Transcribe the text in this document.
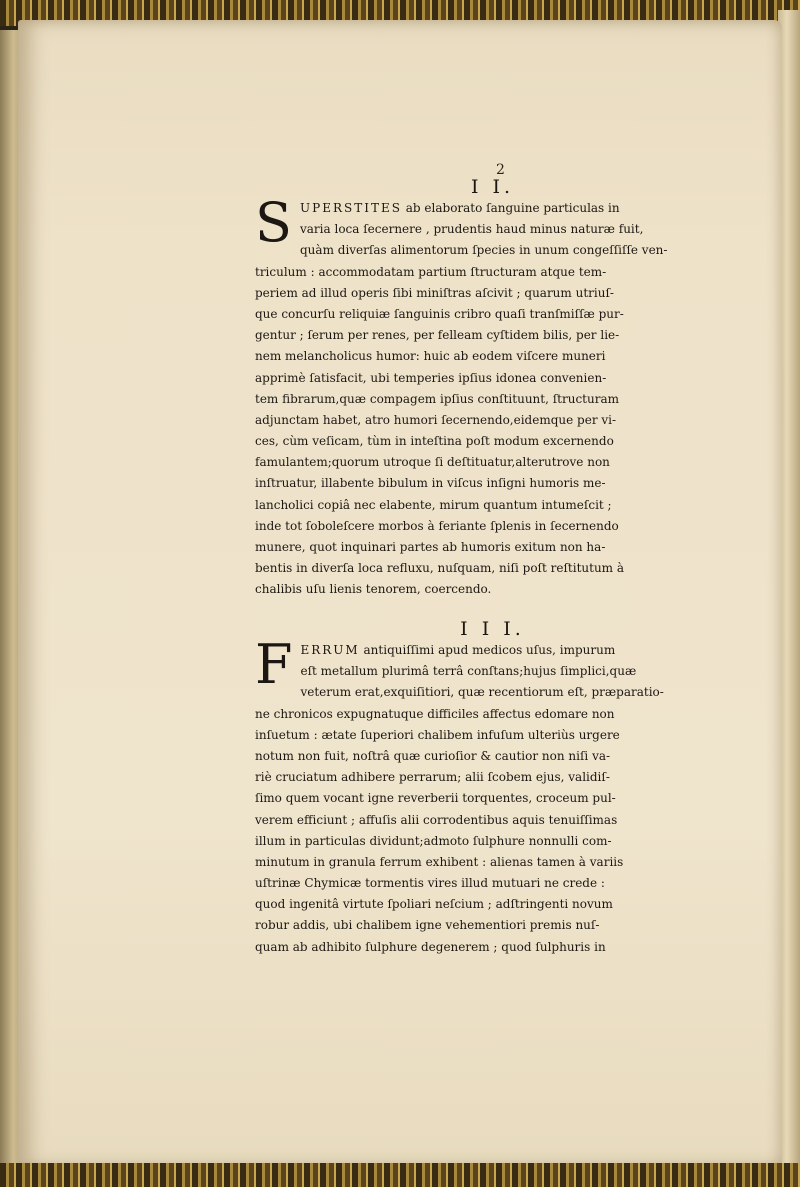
2
I I.
S UPERSTITES ab elaborato ſanguine particulas in
varia loca ſecernere , prudentis haud minus naturæ fuit,
quàm diverſas alimentorum ſpecies in unum congeſſiſſe ven-
triculum : accommodatam partium ſtructuram atque tem-
periem ad illud operis ſibi miniſtras aſcivit ; quarum utriuſ-
que concurſu reliquiæ ſanguinis cribro quaſi tranſmiſſæ pur-
gentur ; ſerum per renes, per felleam cyſtidem bilis, per lie-
nem melancholicus humor: huic ab eodem viſcere muneri
apprimè ſatisfacit, ubi temperies ipſius idonea convenien-
tem fibrarum,quæ compagem ipſius conſtituunt, ſtructuram
adjunctam habet, atro humori ſecernendo,eidemque per vi-
ces, cùm veſicam, tùm in inteſtina poſt modum excernendo
famulantem;quorum utroque ſi deſtituatur,alterutrove non
inſtruatur, illabente bibulum in viſcus inſigni humoris me-
lancholici copiâ nec elabente, mirum quantum intumeſcit ;
inde tot ſoboleſcere morbos à feriante ſplenis in ſecernendo
munere, quot inquinari partes ab humoris exitum non ha-
bentis in diverſa loca refluxu, nuſquam, niſi poſt reſtitutum à
chalibis uſu lienis tenorem, coercendo.
I I I.
F ERRUM antiquiſſimi apud medicos uſus, impurum
eſt metallum plurimâ terrâ conſtans;hujus ſimplici,quæ
veterum erat,exquiſitiori, quæ recentiorum eſt, præparatio-
ne chronicos expugnatuque difficiles affectus edomare non
inſuetum : ætate ſuperiori chalibem infuſum ulteriùs urgere
notum non fuit, noſtrâ quæ curioſior & cautior non niſi va-
riè cruciatum adhibere perrarum; alii ſcobem ejus, validiſ-
ſimo quem vocant igne reverberii torquentes, croceum pul-
verem efficiunt ; affuſis alii corrodentibus aquis tenuiſſimas
illum in particulas dividunt;admoto ſulphure nonnulli com-
minutum in granula ferrum exhibent : alienas tamen à variis
uſtrinæ Chymicæ tormentis vires illud mutuari ne crede :
quod ingenitâ virtute ſpoliari neſcium ; adſtringenti novum
robur addis, ubi chalibem igne vehementiori premis nuſ-
quam ab adhibito ſulphure degenerem ; quod ſulphuris in
